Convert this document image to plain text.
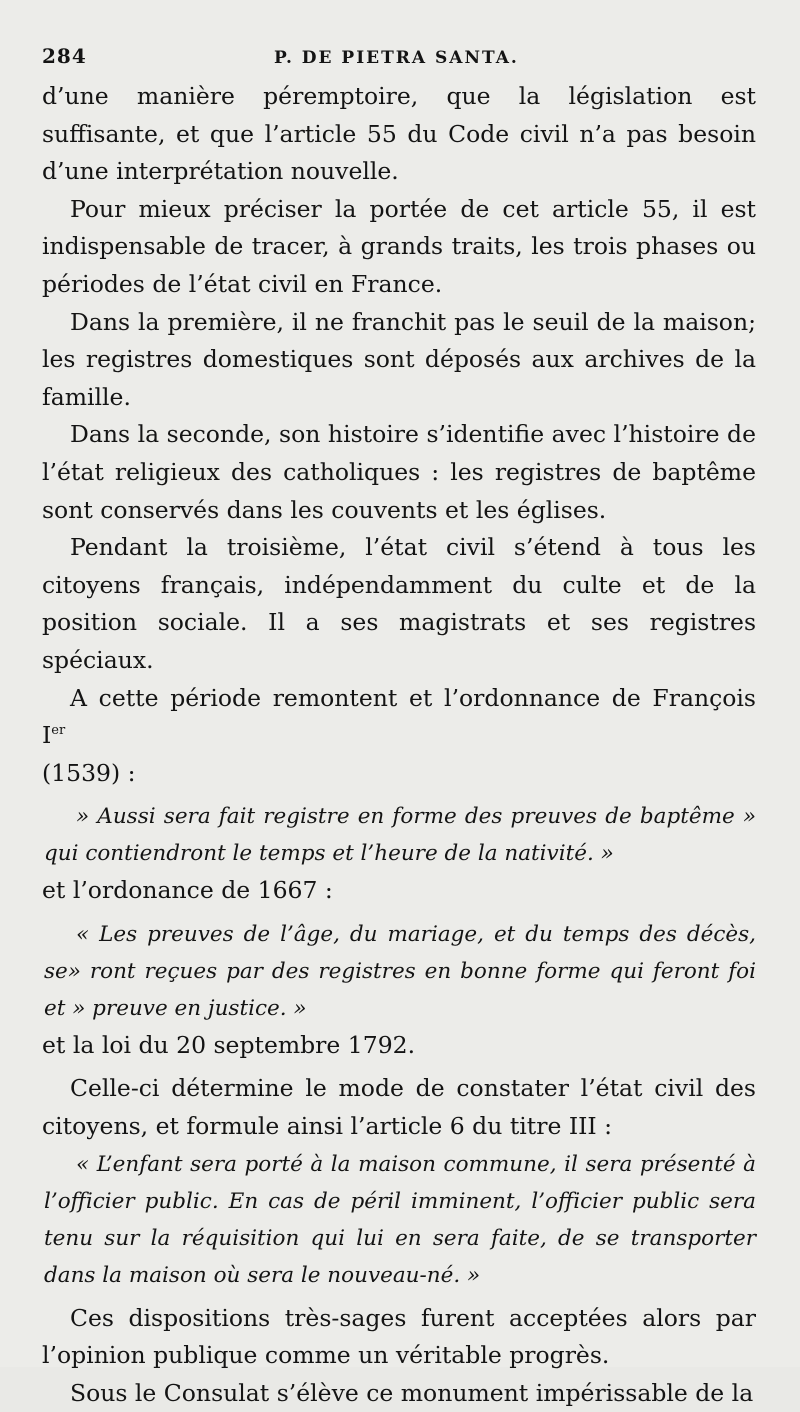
284	P. DE PIETRA SANTA.

d’une manière péremptoire, que la législation est suffisante, et que l’article 55 du Code civil n’a pas besoin d’une interprétation nouvelle.

Pour mieux préciser la portée de cet article 55, il est indispensable de tracer, à grands traits, les trois phases ou périodes de l’état civil en France.

Dans la première, il ne franchit pas le seuil de la maison; les registres domestiques sont déposés aux archives de la famille.

Dans la seconde, son histoire s’identifie avec l’histoire de l’état religieux des catholiques : les registres de baptême sont conservés dans les couvents et les églises.

Pendant la troisième, l’état civil s’étend à tous les citoyens français, indépendamment du culte et de la position sociale. Il a ses magistrats et ses registres spéciaux.

A cette période remontent et l’ordonnance de François Ier

(1539) :

» Aussi sera fait registre en forme des preuves de baptême » qui contiendront le temps et l’heure de la nativité. »

et l’ordonance de 1667 :

« Les preuves de l’âge, du mariage, et du temps des décès, se» ront reçues par des registres en bonne forme qui feront foi et » preuve en justice. »

et la loi du 20 septembre 1792.

Celle-ci détermine le mode de constater l’état civil des citoyens, et formule ainsi l’article 6 du titre III :

« L’enfant sera porté à la maison commune, il sera présenté à l’officier public. En cas de péril imminent, l’officier public sera tenu sur la réquisition qui lui en sera faite, de se transporter dans la maison où sera le nouveau-né. »

Ces dispositions très-sages furent acceptées alors par l’opinion publique comme un véritable progrès.

Sous le Consulat s’élève ce monument impérissable de la
